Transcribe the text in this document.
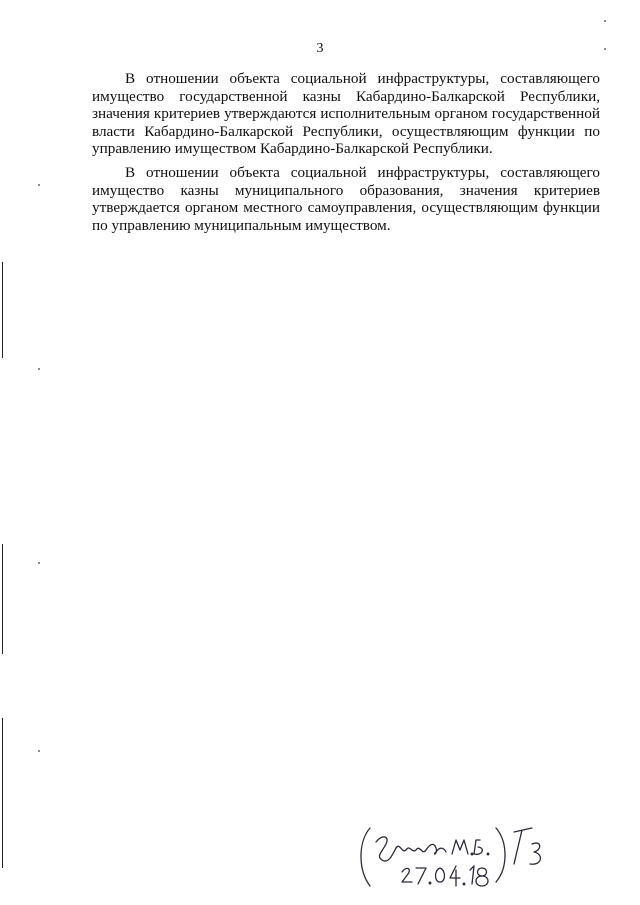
3

В отношении объекта социальной инфраструктуры, составляющего имущество государственной казны Кабардино-Балкарской Республики, значения критериев утверждаются исполнительным органом государственной власти Кабардино-Балкарской Республики, осуществляющим функции по управлению имуществом Кабардино-Балкарской Республики.

В отношении объекта социальной инфраструктуры, составляющего имущество казны муниципального образования, значения критериев утверждается органом местного самоуправления, осуществляющим функции по управлению муниципальным имуществом.
